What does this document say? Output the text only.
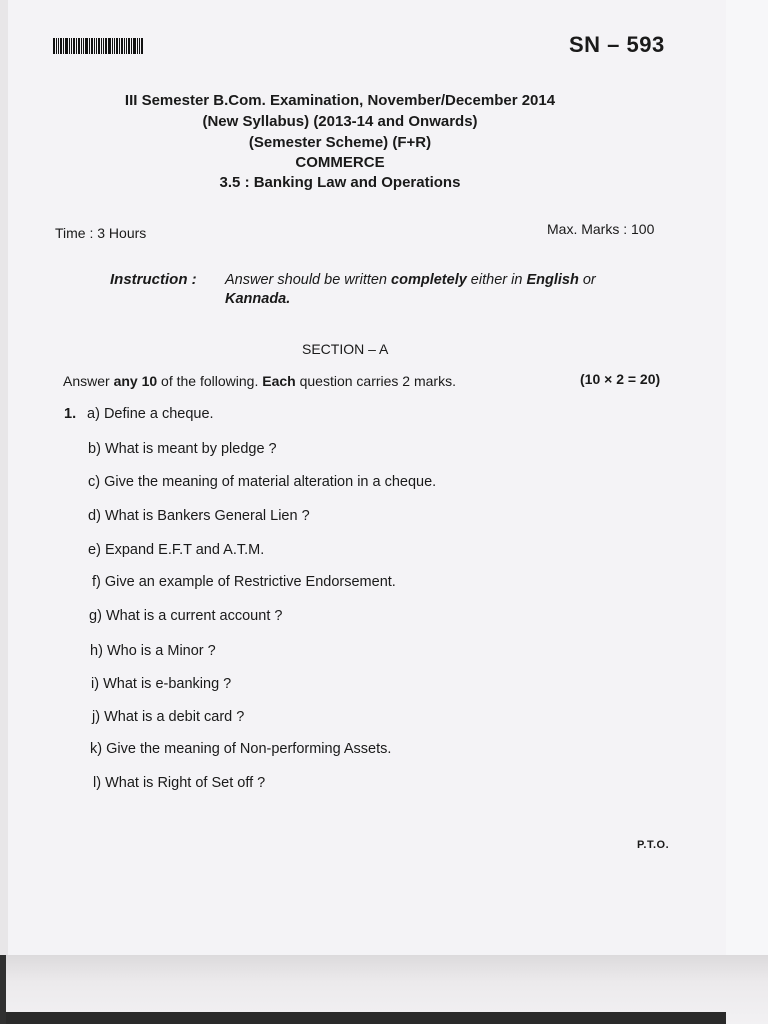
SN – 593
III Semester B.Com. Examination, November/December 2014
(New Syllabus) (2013-14 and Onwards)
(Semester Scheme) (F+R)
COMMERCE
3.5 : Banking Law and Operations
Time : 3 Hours	Max. Marks : 100
Instruction : Answer should be written completely either in English or
Kannada.
SECTION – A
Answer any 10 of the following. Each question carries 2 marks.	(10 × 2 = 20)
1. a) Define a cheque.
b) What is meant by pledge ?
c) Give the meaning of material alteration in a cheque.
d) What is Bankers General Lien ?
e) Expand E.F.T and A.T.M.
f) Give an example of Restrictive Endorsement.
g) What is a current account ?
h) Who is a Minor ?
i) What is e-banking ?
j) What is a debit card ?
k) Give the meaning of Non-performing Assets.
l) What is Right of Set off ?
P.T.O.
